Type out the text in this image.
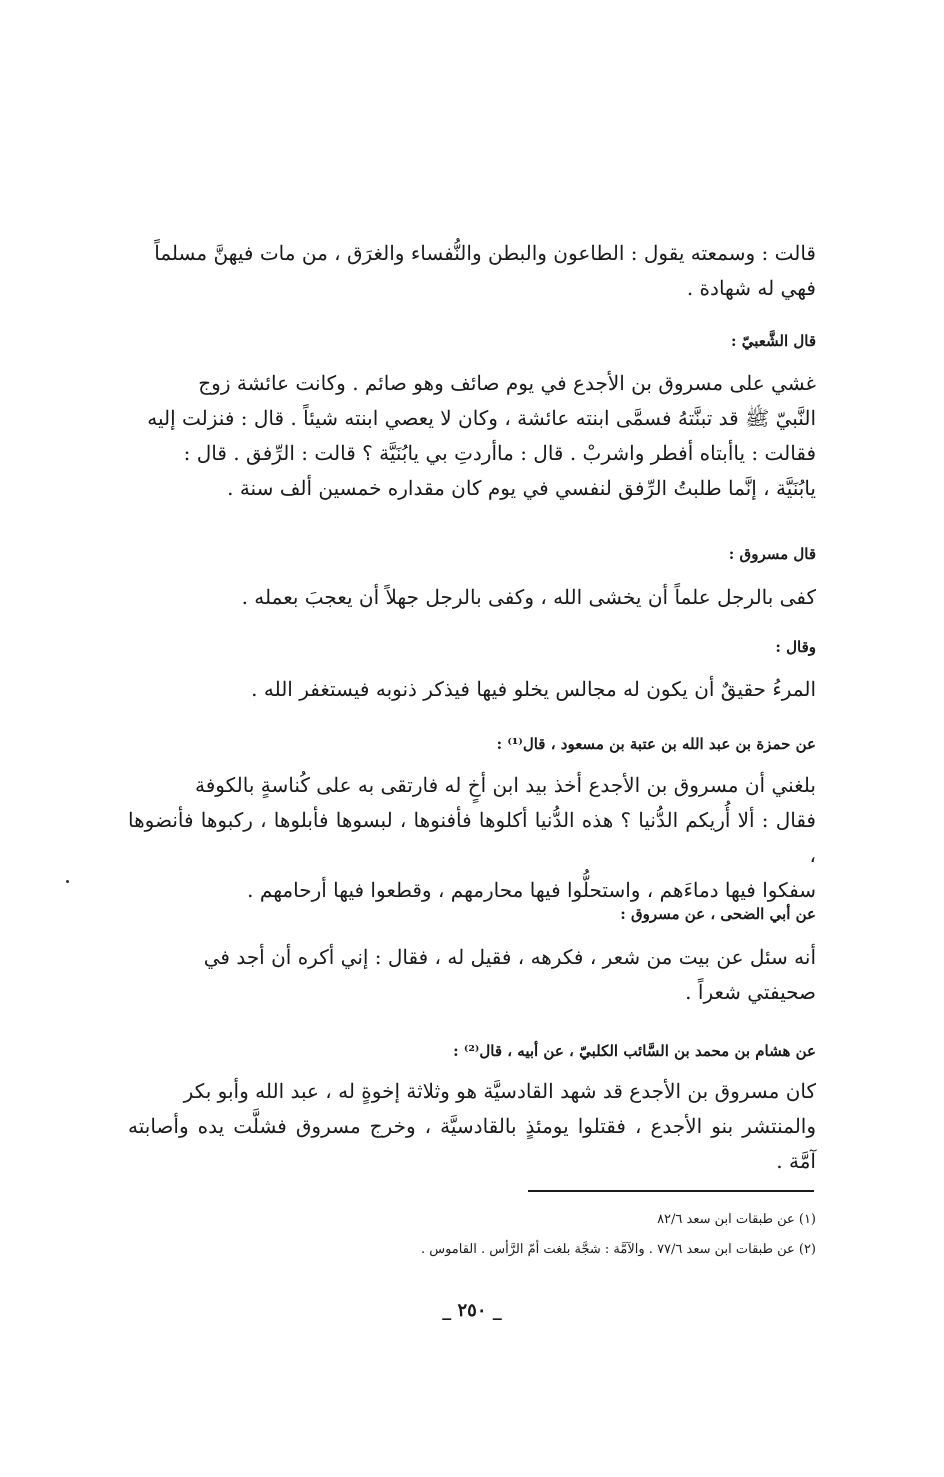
قالت : وسمعته يقول : الطاعون والبطن والنُّفساء والغرَق ، من مات فيهنَّ مسلماً

فهي له شهادة .

قال الشَّعبيّ :

غشي على مسروق بن الأجدع في يوم صائف وهو صائم . وكانت عائشة زوج

النَّبيّ ﷺ قد تبنَّتهُ فسمَّى ابنته عائشة ، وكان لا يعصي ابنته شيئاً . قال : فنزلت إليه

فقالت : ياأبتاه أفطر واشربْ . قال : ماأردتِ بي يابُنَيَّة ؟ قالت : الرِّفق . قال :

يابُنَيَّة ، إنَّما طلبتُ الرِّفق لنفسي في يوم كان مقداره خمسين ألف سنة .

قال مسروق :

كفى بالرجل علماً أن يخشى الله ، وكفى بالرجل جهلاً أن يعجبَ بعمله .

وقال :

المرءُ حقيقٌ أن يكون له مجالس يخلو فيها فيذكر ذنوبه فيستغفر الله .

عن حمزة بن عبد الله بن عتبة بن مسعود ، قال⁽¹⁾ :

بلغني أن مسروق بن الأجدع أخذ بيد ابن أخٍ له فارتقى به على كُناسةٍ بالكوفة

فقال : ألا أُريكم الدُّنيا ؟ هذه الدُّنيا أكلوها فأفنوها ، لبسوها فأبلوها ، ركبوها فأنضوها ،

سفكوا فيها دماءَهم ، واستحلُّوا فيها محارمهم ، وقطعوا فيها أرحامهم .

عن أبي الضحى ، عن مسروق :

أنه سئل عن بيت من شعر ، فكرهه ، فقيل له ، فقال : إني أكره أن أجد في

صحيفتي شعراً .

عن هشام بن محمد بن السَّائب الكلبيّ ، عن أبيه ، قال⁽²⁾ :

كان مسروق بن الأجدع قد شهد القادسيَّة هو وثلاثة إخوةٍ له ، عبد الله وأبو بكر

والمنتشر بنو الأجدع ، فقتلوا يومئذٍ بالقادسيَّة ، وخرج مسروق فشلَّت يده وأصابته آمَّة .

(١) عن طبقات ابن سعد ٨٢/٦

(٢) عن طبقات ابن سعد ٧٧/٦ . والآمَّة : شجَّة بلغت أمّ الرَّأس . القاموس .

_ ٢٥٠ _
